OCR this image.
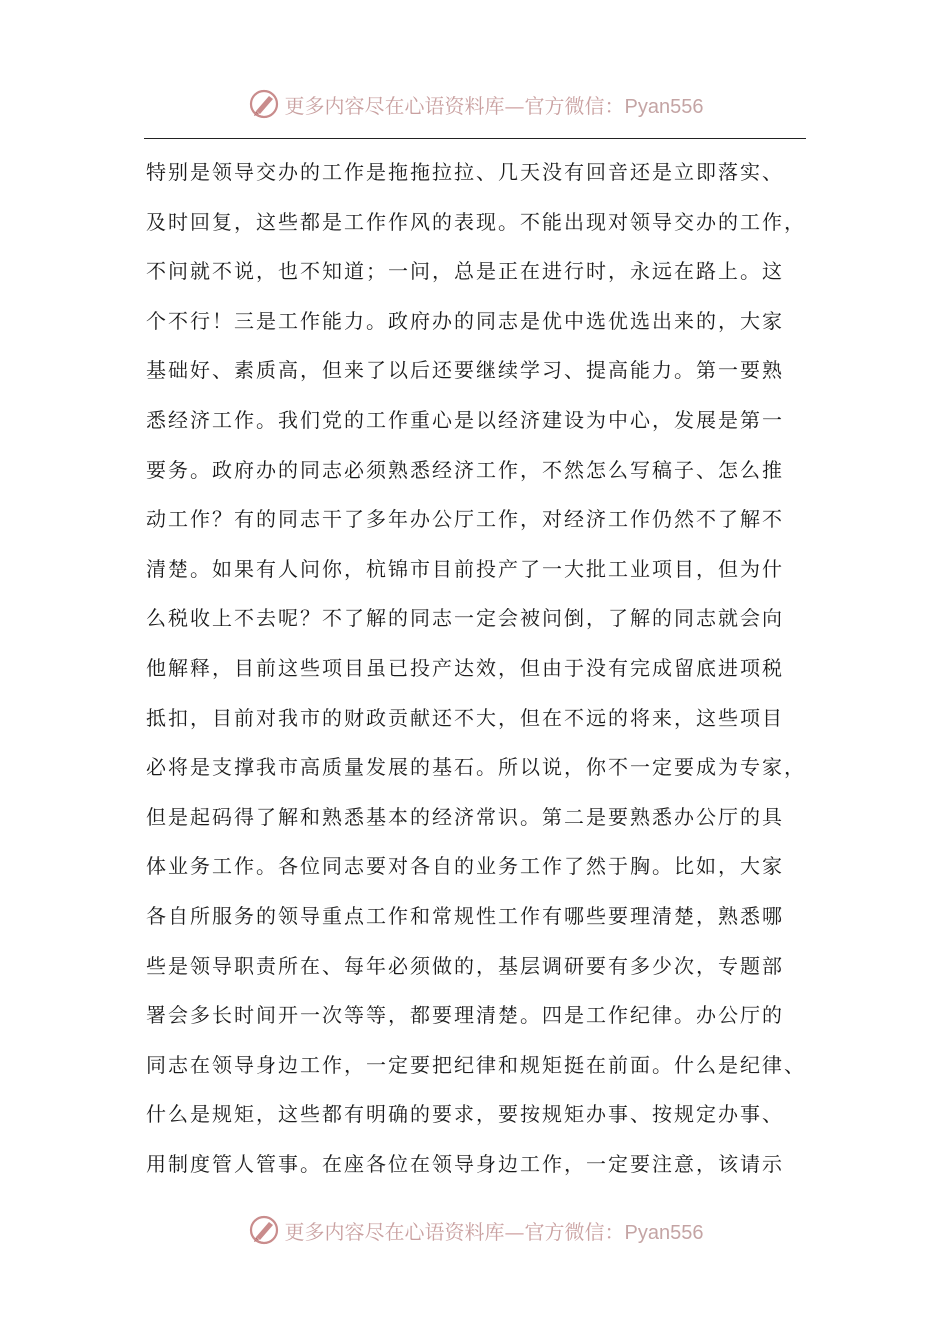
更多内容尽在心语资料库—官方微信：Pyan556
特别是领导交办的工作是拖拖拉拉、几天没有回音还是立即落实、
及时回复，这些都是工作作风的表现。不能出现对领导交办的工作，
不问就不说，也不知道；一问，总是正在进行时，永远在路上。这
个不行！三是工作能力。政府办的同志是优中选优选出来的，大家
基础好、素质高，但来了以后还要继续学习、提高能力。第一要熟
悉经济工作。我们党的工作重心是以经济建设为中心，发展是第一
要务。政府办的同志必须熟悉经济工作，不然怎么写稿子、怎么推
动工作？有的同志干了多年办公厅工作，对经济工作仍然不了解不
清楚。如果有人问你，杭锦市目前投产了一大批工业项目，但为什
么税收上不去呢？不了解的同志一定会被问倒，了解的同志就会向
他解释，目前这些项目虽已投产达效，但由于没有完成留底进项税
抵扣，目前对我市的财政贡献还不大，但在不远的将来，这些项目
必将是支撑我市高质量发展的基石。所以说，你不一定要成为专家，
但是起码得了解和熟悉基本的经济常识。第二是要熟悉办公厅的具
体业务工作。各位同志要对各自的业务工作了然于胸。比如，大家
各自所服务的领导重点工作和常规性工作有哪些要理清楚，熟悉哪
些是领导职责所在、每年必须做的，基层调研要有多少次，专题部
署会多长时间开一次等等，都要理清楚。四是工作纪律。办公厅的
同志在领导身边工作，一定要把纪律和规矩挺在前面。什么是纪律、
什么是规矩，这些都有明确的要求，要按规矩办事、按规定办事、
用制度管人管事。在座各位在领导身边工作，一定要注意，该请示
更多内容尽在心语资料库—官方微信：Pyan556
